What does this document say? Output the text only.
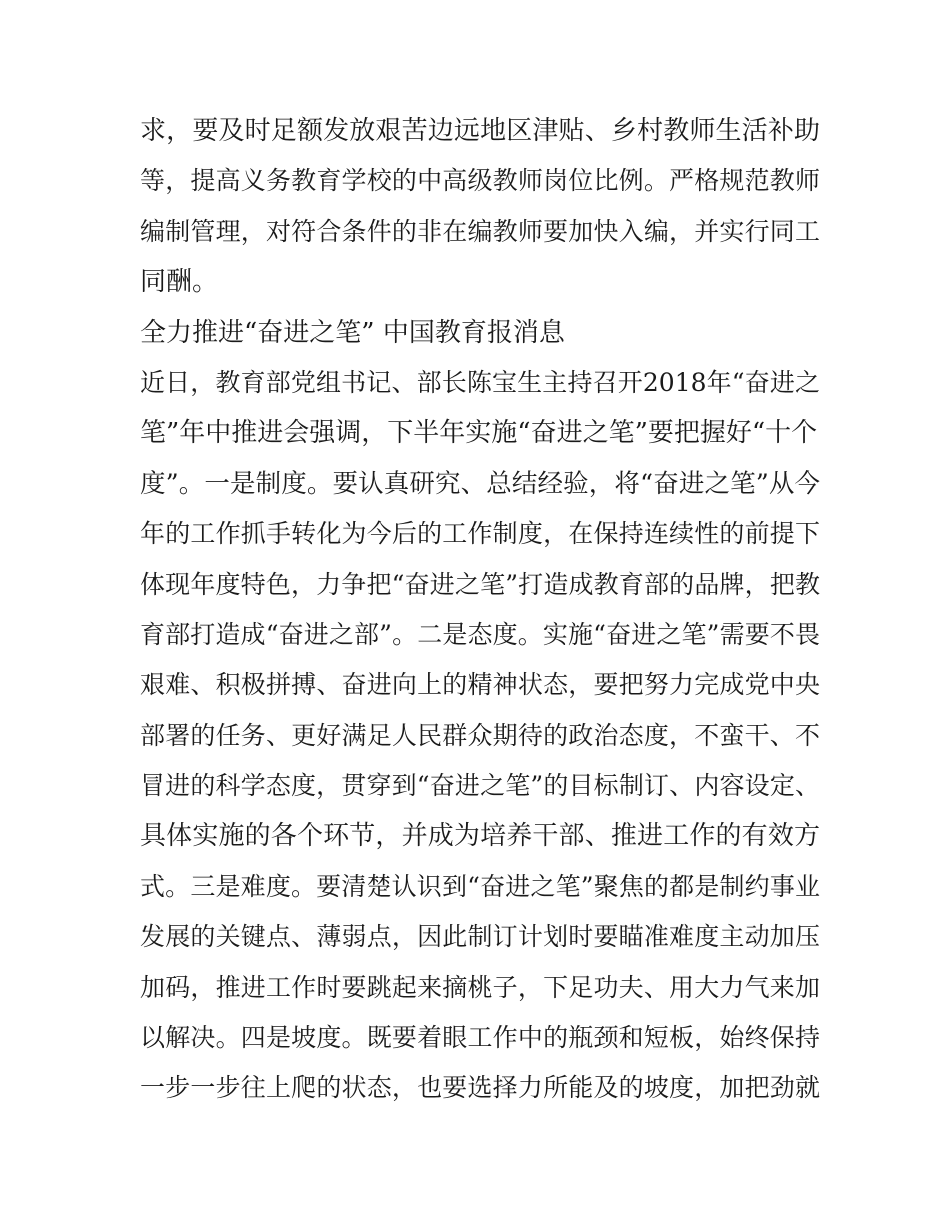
求，要及时足额发放艰苦边远地区津贴、乡村教师生活补助
等，提高义务教育学校的中高级教师岗位比例。严格规范教师
编制管理，对符合条件的非在编教师要加快入编，并实行同工
同酬。
全力推进“奋进之笔” 中国教育报消息
近日，教育部党组书记、部长陈宝生主持召开2018年“奋进之
笔”年中推进会强调，下半年实施“奋进之笔”要把握好“十个
度”。一是制度。要认真研究、总结经验，将“奋进之笔”从今
年的工作抓手转化为今后的工作制度，在保持连续性的前提下
体现年度特色，力争把“奋进之笔”打造成教育部的品牌，把教
育部打造成“奋进之部”。二是态度。实施“奋进之笔”需要不畏
艰难、积极拼搏、奋进向上的精神状态，要把努力完成党中央
部署的任务、更好满足人民群众期待的政治态度，不蛮干、不
冒进的科学态度，贯穿到“奋进之笔”的目标制订、内容设定、
具体实施的各个环节，并成为培养干部、推进工作的有效方
式。三是难度。要清楚认识到“奋进之笔”聚焦的都是制约事业
发展的关键点、薄弱点，因此制订计划时要瞄准难度主动加压
加码，推进工作时要跳起来摘桃子，下足功夫、用大力气来加
以解决。四是坡度。既要着眼工作中的瓶颈和短板，始终保持
一步一步往上爬的状态，也要选择力所能及的坡度，加把劲就
